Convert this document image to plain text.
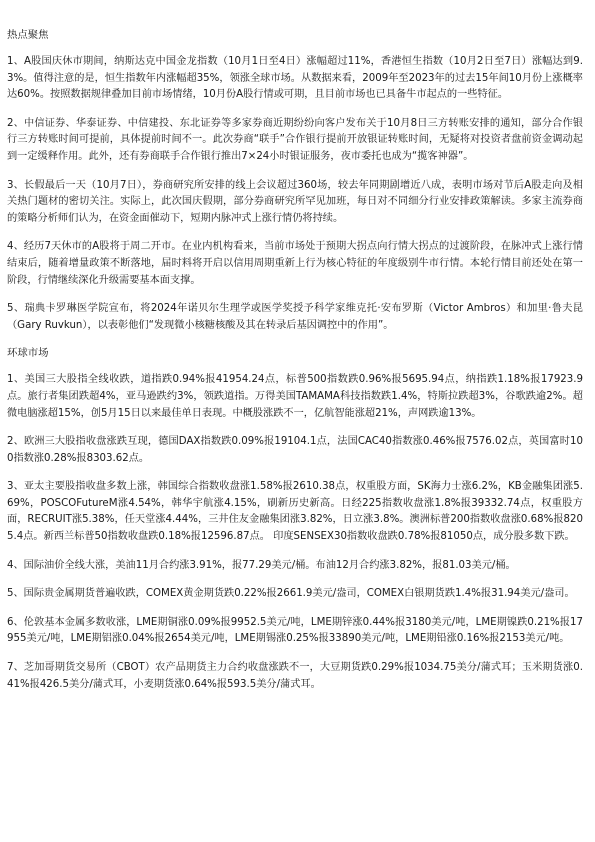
热点聚焦

1、A股国庆休市期间，纳斯达克中国金龙指数（10月1日至4日）涨幅超过11%，香港恒生指数（10月2日至7日）涨幅达到9.3%。值得注意的是，恒生指数年内涨幅超35%，领涨全球市场。从数据来看，2009年至2023年的过去15年间10月份上涨概率达60%。按照数据规律叠加目前市场情绪，10月份A股行情或可期，且目前市场也已具备牛市起点的一些特征。

2、中信证券、华泰证券、中信建投、东北证券等多家券商近期纷纷向客户发布关于10月8日三方转账安排的通知，部分合作银行三方转账时间可提前，具体提前时间不一。此次券商“联手”合作银行提前开放银证转账时间，无疑将对投资者盘前资金调动起到一定缓释作用。此外，还有券商联手合作银行推出7×24小时银证服务，夜市委托也成为“揽客神器”。

3、长假最后一天（10月7日），券商研究所安排的线上会议超过360场，较去年同期剧增近八成，表明市场对节后A股走向及相关热门题材的密切关注。实际上，此次国庆假期，部分券商研究所罕见加班，每日对不同细分行业安排政策解读。多家主流券商的策略分析师们认为，在资金面催动下，短期内脉冲式上涨行情仍将持续。

4、经历7天休市的A股将于周二开市。在业内机构看来，当前市场处于预期大拐点向行情大拐点的过渡阶段，在脉冲式上涨行情结束后，随着增量政策不断落地，届时料将开启以信用周期重新上行为核心特征的年度级别牛市行情。本轮行情目前还处在第一阶段，行情继续深化升级需要基本面支撑。

5、瑞典卡罗琳医学院宣布，将2024年诺贝尔生理学或医学奖授予科学家维克托·安布罗斯（Victor Ambros）和加里·鲁夫昆（Gary Ruvkun），以表彰他们“发现微小核糖核酸及其在转录后基因调控中的作用”。

环球市场

1、美国三大股指全线收跌，道指跌0.94%报41954.24点，标普500指数跌0.96%报5695.94点，纳指跌1.18%报17923.9点。旅行者集团跌超4%，亚马逊跌约3%，领跌道指。万得美国TAMAMA科技指数跌1.4%，特斯拉跌超3%，谷歌跌逾2%。超微电脑涨超15%，创5月15日以来最佳单日表现。中概股涨跌不一，亿航智能涨超21%，声网跌逾13%。

2、欧洲三大股指收盘涨跌互现，德国DAX指数跌0.09%报19104.1点，法国CAC40指数涨0.46%报7576.02点，英国富时100指数涨0.28%报8303.62点。

3、亚太主要股指收盘多数上涨，韩国综合指数收盘涨1.58%报2610.38点，权重股方面，SK海力士涨6.2%，KB金融集团涨5.69%，POSCOFutureM涨4.54%，韩华宇航涨4.15%，刷新历史新高。日经225指数收盘涨1.8%报39332.74点，权重股方面，RECRUIT涨5.38%，任天堂涨4.44%，三井住友金融集团涨3.82%，日立涨3.8%。澳洲标普200指数收盘涨0.68%报8205.4点。新西兰标普50指数收盘跌0.18%报12596.87点。 印度SENSEX30指数收盘跌0.78%报81050点，成分股多数下跌。

4、国际油价全线大涨，美油11月合约涨3.91%，报77.29美元/桶。布油12月合约涨3.82%，报81.03美元/桶。

5、国际贵金属期货普遍收跌，COMEX黄金期货跌0.22%报2661.9美元/盎司，COMEX白银期货跌1.4%报31.94美元/盎司。

6、伦敦基本金属多数收涨，LME期铜涨0.09%报9952.5美元/吨，LME期锌涨0.44%报3180美元/吨，LME期镍跌0.21%报17955美元/吨，LME期铝涨0.04%报2654美元/吨，LME期锡涨0.25%报33890美元/吨，LME期铅涨0.16%报2153美元/吨。

7、芝加哥期货交易所（CBOT）农产品期货主力合约收盘涨跌不一，大豆期货跌0.29%报1034.75美分/蒲式耳；玉米期货涨0.41%报426.5美分/蒲式耳，小麦期货涨0.64%报593.5美分/蒲式耳。
